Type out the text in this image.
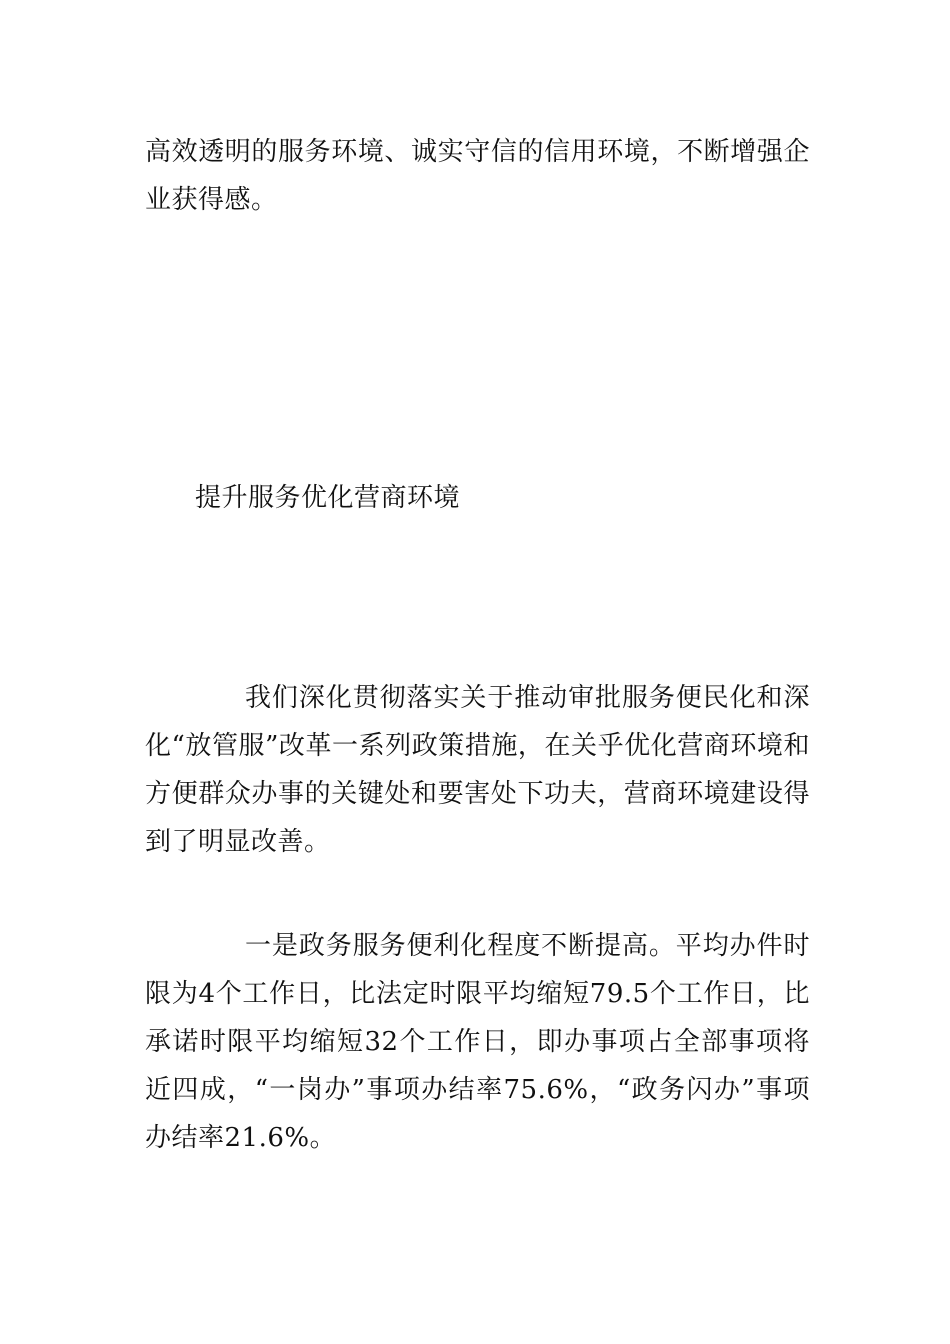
高效透明的服务环境、诚实守信的信用环境，不断增强企业获得感。

提升服务优化营商环境

我们深化贯彻落实关于推动审批服务便民化和深化“放管服”改革一系列政策措施，在关乎优化营商环境和方便群众办事的关键处和要害处下功夫，营商环境建设得到了明显改善。

一是政务服务便利化程度不断提高。平均办件时限为4个工作日，比法定时限平均缩短79.5个工作日，比承诺时限平均缩短32个工作日，即办事项占全部事项将近四成，“一岗办”事项办结率75.6%，“政务闪办”事项办结率21.6%。
